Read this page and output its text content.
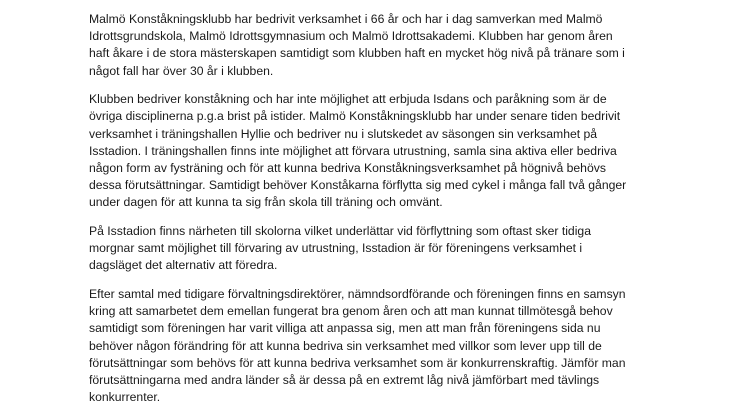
Malmö Konståkningsklubb har bedrivit verksamhet i 66 år och har i dag samverkan med Malmö
Idrottsgrundskola, Malmö Idrottsgymnasium och Malmö Idrottsakademi. Klubben har genom åren
haft åkare i de stora mästerskapen samtidigt som klubben haft en mycket hög nivå på tränare som i
något fall har över 30 år i klubben.

Klubben bedriver konståkning och har inte möjlighet att erbjuda Isdans och paråkning som är de
övriga disciplinerna p.g.a brist på istider. Malmö Konståkningsklubb har under senare tiden bedrivit
verksamhet i träningshallen Hyllie och bedriver nu i slutskedet av säsongen sin verksamhet på
Isstadion. I träningshallen finns inte möjlighet att förvara utrustning, samla sina aktiva eller bedriva
någon form av fysträning och för att kunna bedriva Konståkningsverksamhet på högnivå behövs
dessa förutsättningar. Samtidigt behöver Konståkarna förflytta sig med cykel i många fall två gånger
under dagen för att kunna ta sig från skola till träning och omvänt.

På Isstadion finns närheten till skolorna vilket underlättar vid förflyttning som oftast sker tidiga
morgnar samt möjlighet till förvaring av utrustning, Isstadion är för föreningens verksamhet i
dagsläget det alternativ att föredra.

Efter samtal med tidigare förvaltningsdirektörer, nämndsordförande och föreningen finns en samsyn
kring att samarbetet dem emellan fungerat bra genom åren och att man kunnat tillmötesgå behov
samtidigt som föreningen har varit villiga att anpassa sig, men att man från föreningens sida nu
behöver någon förändring för att kunna bedriva sin verksamhet med villkor som lever upp till de
förutsättningar som behövs för att kunna bedriva verksamhet som är konkurrenskraftig. Jämför man
förutsättningarna med andra länder så är dessa på en extremt låg nivå jämförbart med tävlings
konkurrenter.
